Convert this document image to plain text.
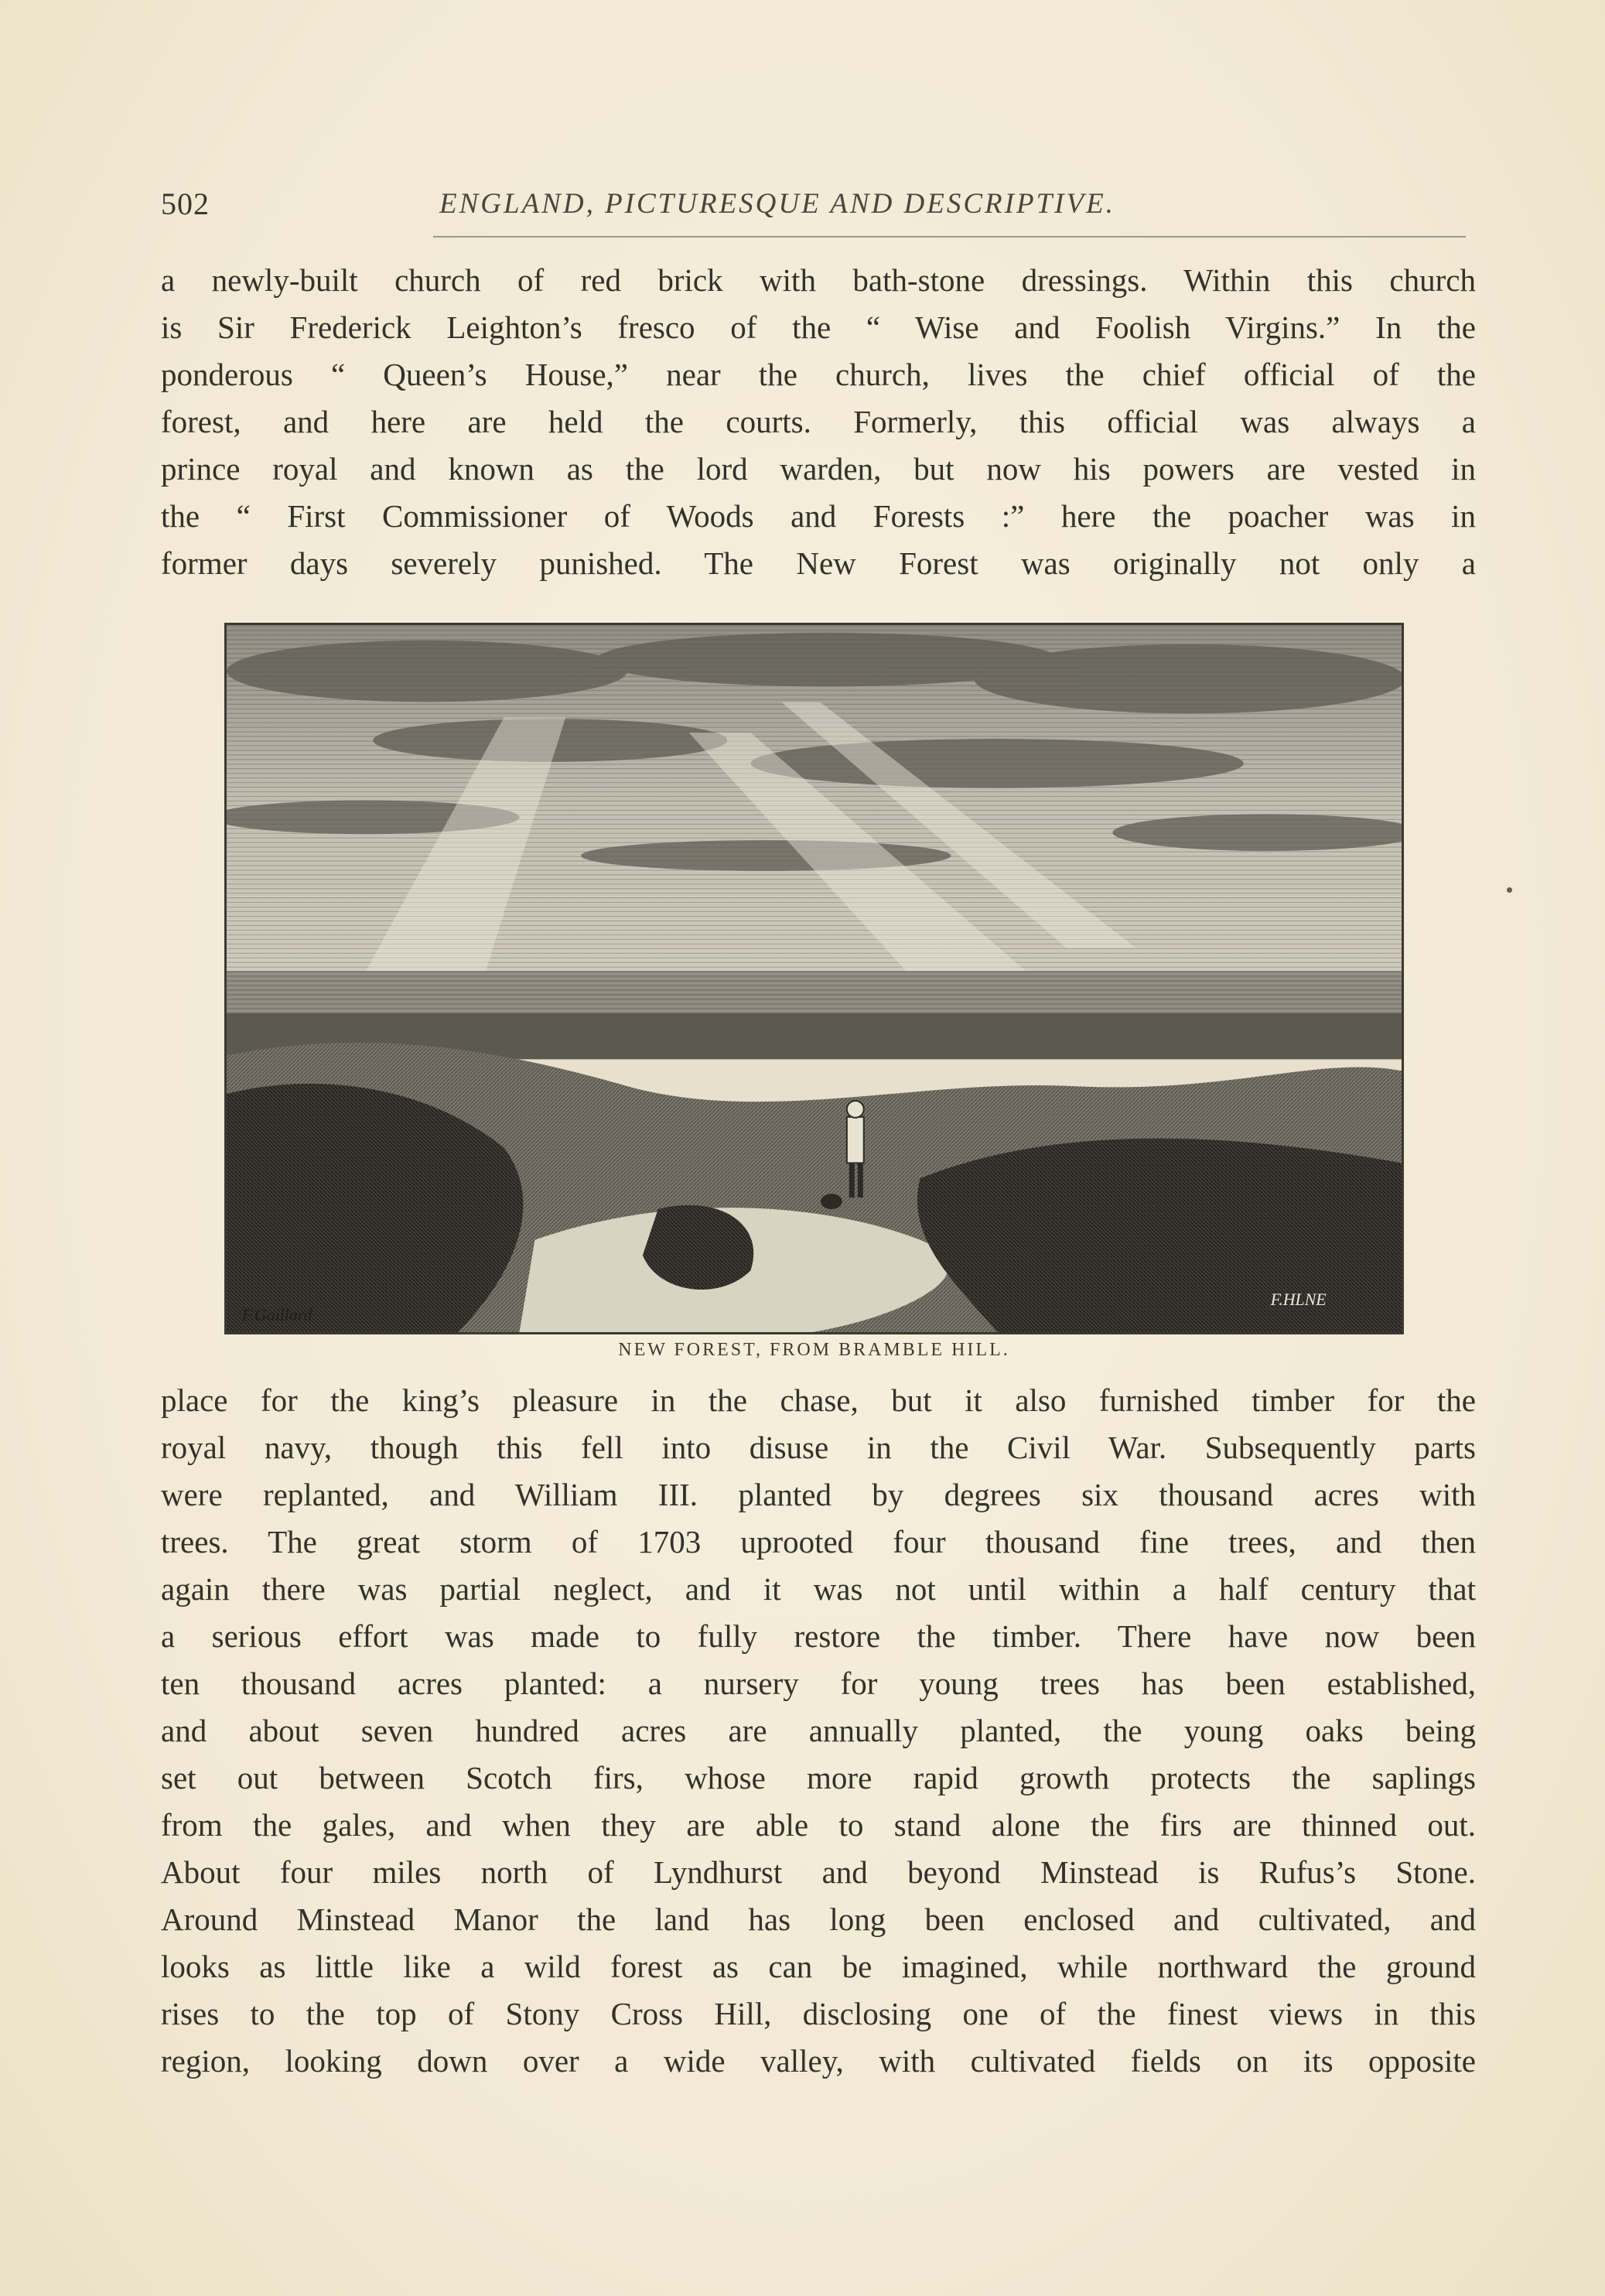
502	ENGLAND, PICTURESQUE AND DESCRIPTIVE.
a newly-built church of red brick with bath-stone dressings. Within this church
is Sir Frederick Leighton’s fresco of the “ Wise and Foolish Virgins.” In the
ponderous “ Queen’s House,” near the church, lives the chief official of the
forest, and here are held the courts. Formerly, this official was always a
prince royal and known as the lord warden, but now his powers are vested in
the “ First Commissioner of Woods and Forests :” here the poacher was in
former days severely punished. The New Forest was originally not only a
F.Gaillard
F.HLNE
NEW FOREST, FROM BRAMBLE HILL.
place for the king’s pleasure in the chase, but it also furnished timber for the
royal navy, though this fell into disuse in the Civil War. Subsequently parts
were replanted, and William III. planted by degrees six thousand acres with
trees. The great storm of 1703 uprooted four thousand fine trees, and then
again there was partial neglect, and it was not until within a half century that
a serious effort was made to fully restore the timber. There have now been
ten thousand acres planted: a nursery for young trees has been established,
and about seven hundred acres are annually planted, the young oaks being
set out between Scotch firs, whose more rapid growth protects the saplings
from the gales, and when they are able to stand alone the firs are thinned out.
About four miles north of Lyndhurst and beyond Minstead is Rufus’s Stone.
Around Minstead Manor the land has long been enclosed and cultivated, and
looks as little like a wild forest as can be imagined, while northward the ground
rises to the top of Stony Cross Hill, disclosing one of the finest views in this
region, looking down over a wide valley, with cultivated fields on its opposite
